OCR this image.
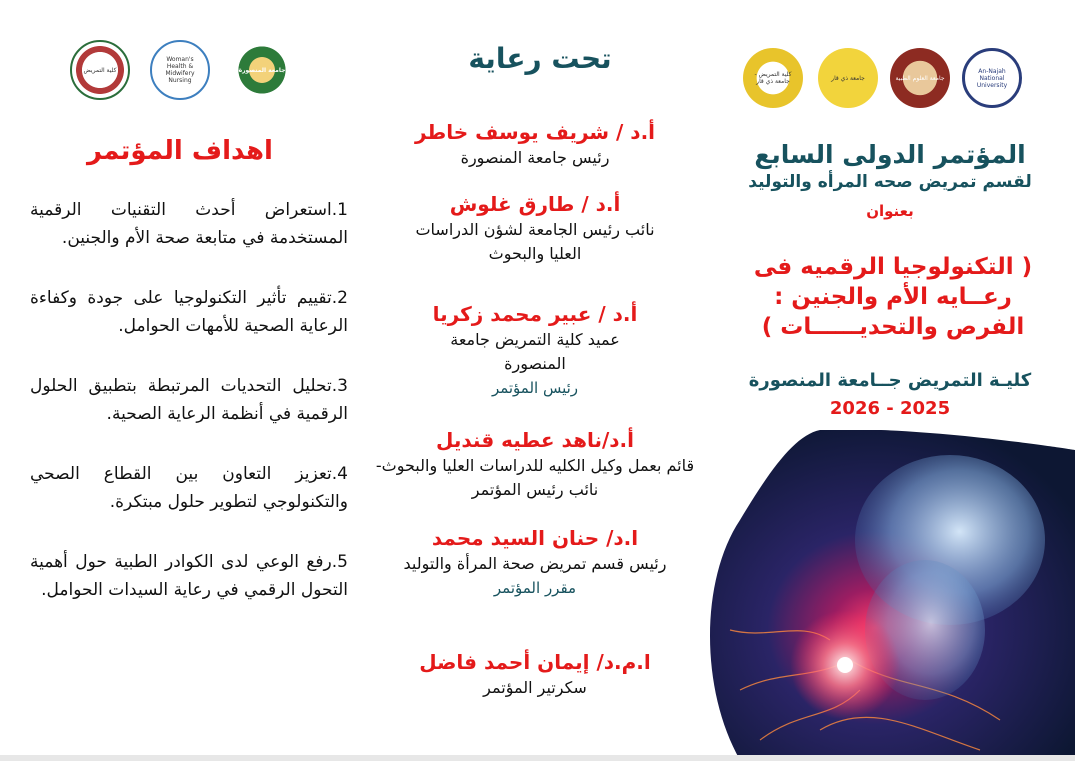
كلية التمريض
Woman's Health & Midwifery Nursing
جامعة المنصورة
كلية التمريض - جامعة ذي قار	جامعة ذي قار	جامعة العلوم الطبية
An-Najah National University
اهداف المؤتمر
1.استعراض أحدث التقنيات الرقمية المستخدمة في متابعة صحة الأم والجنين.
2.تقييم تأثير التكنولوجيا على جودة وكفاءة الرعاية الصحية للأمهات الحوامل.
3.تحليل التحديات المرتبطة بتطبيق الحلول الرقمية في أنظمة الرعاية الصحية.
4.تعزيز التعاون بين القطاع الصحي والتكنولوجي لتطوير حلول مبتكرة.
5.رفع الوعي لدى الكوادر الطبية حول أهمية التحول الرقمي في رعاية السيدات الحوامل.
تحت رعاية
أ.د / شريف يوسف خاطر
رئيس جامعة المنصورة
أ.د / طارق غلوش
نائب رئيس الجامعة لشؤن الدراسات العليا والبحوث
أ.د / عبير محمد زكريا
عميد كلية التمريض جامعة المنصورة
رئيس المؤتمر
أ.د/ناهد عطيه قنديل
قائم بعمل وكيل الكليه للدراسات العليا والبحوث- نائب رئيس المؤتمر
ا.د/ حنان السيد محمد
رئيس قسم تمريض صحة المرأة والتوليد
مقرر المؤتمر
ا.م.د/ إيمان أحمد فاضل
سكرتير المؤتمر
المؤتمر الدولى السابع
لقسم تمريض صحه المرأه والتوليد
بعنوان
( التكنولوجيا الرقميه فى رعــايه الأم والجنين : الفرص والتحديــــــات )
كليـة التمريض جــامعة المنصورة
2026 - 2025
